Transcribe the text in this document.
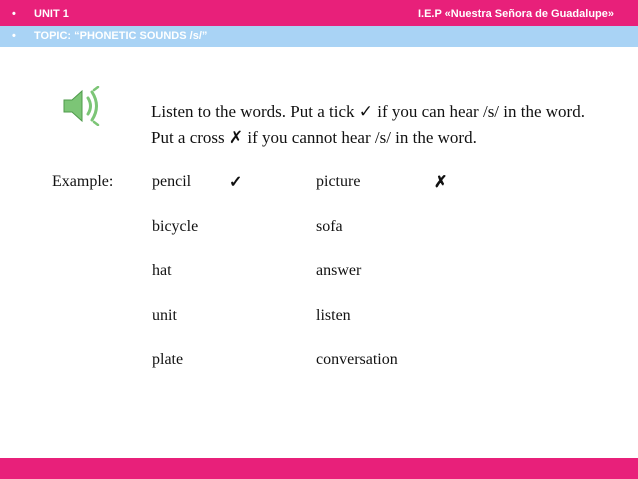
• UNIT 1
• TOPIC: “PHONETIC SOUNDS /s/”
I.E.P «Nuestra Señora de Guadalupe»
Listen to the words. Put a tick ✓ if you can hear /s/ in the word.
Put a cross ✗ if you cannot hear /s/ in the word.
Example: pencil ✓	picture	✗
bicycle
hat
unit
plate
sofa
answer
listen
conversation
